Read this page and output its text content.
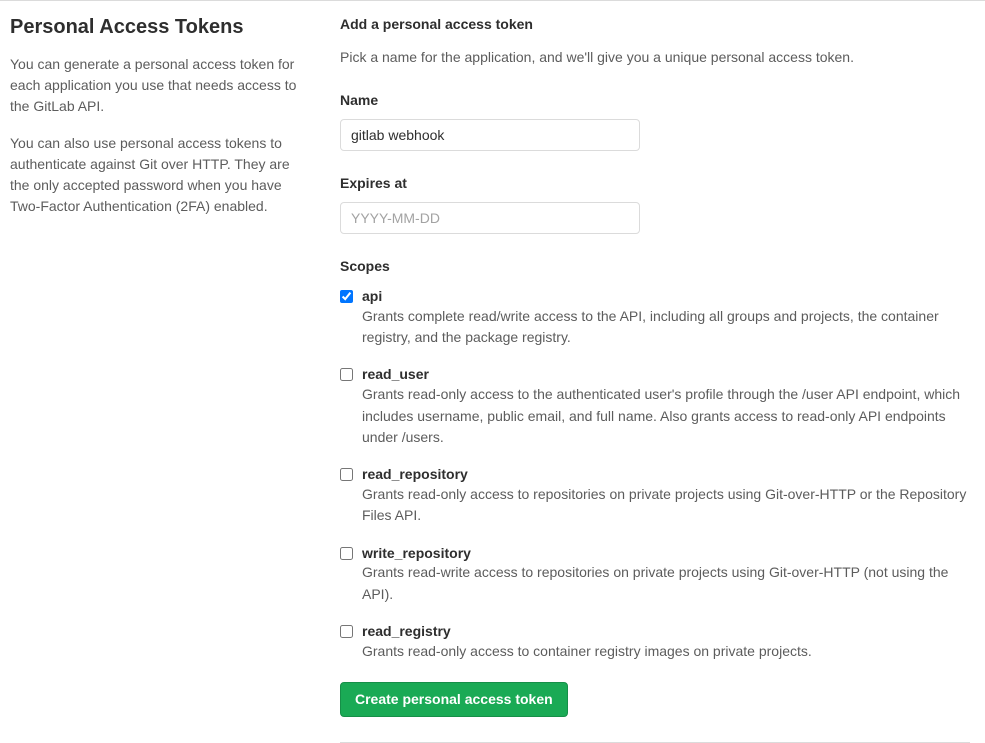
Personal Access Tokens

You can generate a personal access token for each application you use that needs access to the GitLab API.

You can also use personal access tokens to authenticate against Git over HTTP. They are the only accepted password when you have Two-Factor Authentication (2FA) enabled.

Add a personal access token
Pick a name for the application, and we'll give you a unique personal access token.
Name
gitlab webhook
Expires at
YYYY-MM-DD
Scopes
api
Grants complete read/write access to the API, including all groups and projects, the container registry, and the package registry.
read_user
Grants read-only access to the authenticated user's profile through the /user API endpoint, which includes username, public email, and full name. Also grants access to read-only API endpoints under /users.
read_repository
Grants read-only access to repositories on private projects using Git-over-HTTP or the Repository Files API.
write_repository
Grants read-write access to repositories on private projects using Git-over-HTTP (not using the API).
read_registry
Grants read-only access to container registry images on private projects.
Create personal access token
